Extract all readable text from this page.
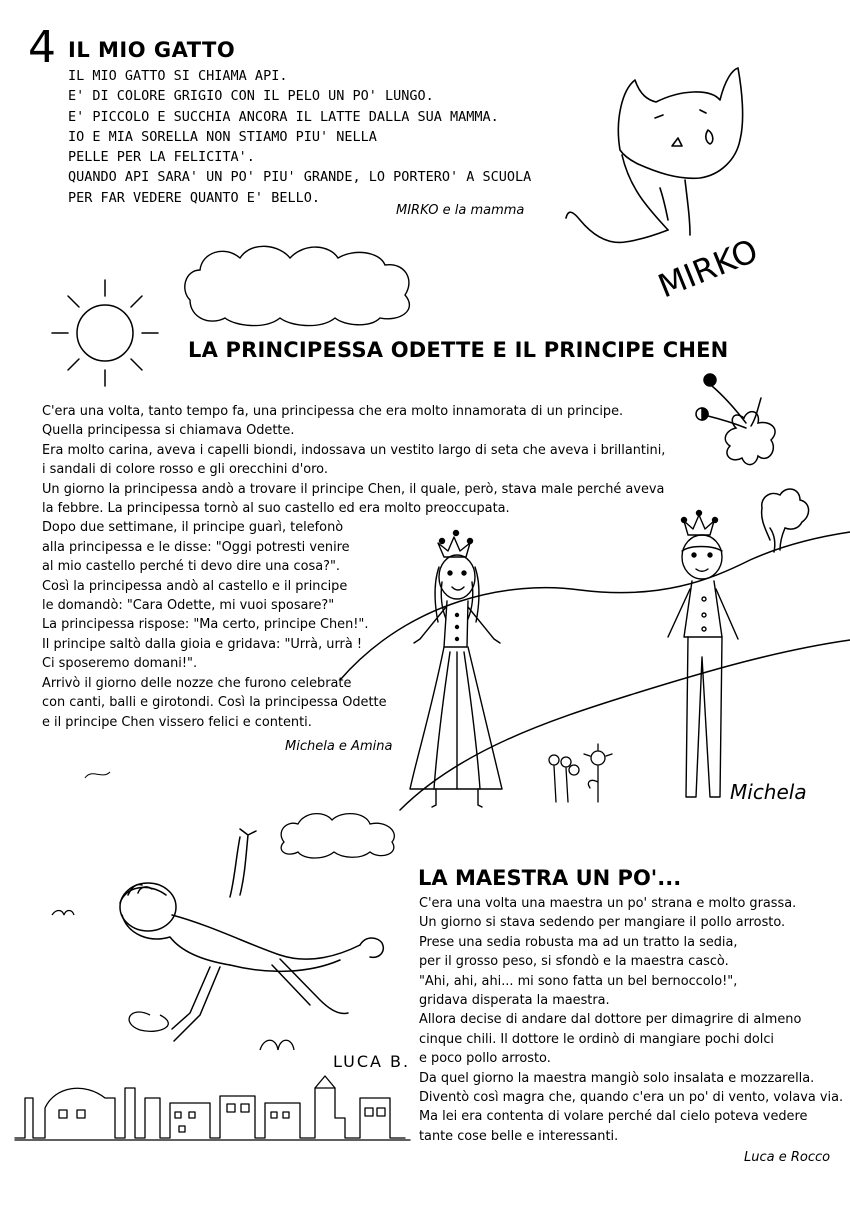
4 IL MIO GATTO
IL MIO GATTO SI CHIAMA API.
E' DI COLORE GRIGIO CON IL PELO UN PO' LUNGO.
E' PICCOLO E SUCCHIA ANCORA IL LATTE DALLA SUA MAMMA.
IO E MIA SORELLA NON STIAMO PIU' NELLA
PELLE PER LA FELICITA'.
QUANDO API SARA' UN PO' PIU' GRANDE, LO PORTERO' A SCUOLA
PER FAR VEDERE QUANTO E' BELLO.
MIRKO e la mamma
MIRKO
LA PRINCIPESSA ODETTE E IL PRINCIPE CHEN
C'era una volta, tanto tempo fa, una principessa che era molto innamorata di un principe.
Quella principessa si chiamava Odette.
Era molto carina, aveva i capelli biondi, indossava un vestito largo di seta che aveva i brillantini,
i sandali di colore rosso e gli orecchini d'oro.
Un giorno la principessa andò a trovare il principe Chen, il quale, però, stava male perché aveva
la febbre. La principessa tornò al suo castello ed era molto preoccupata.
Dopo due settimane, il principe guarì, telefonò
alla principessa e le disse: "Oggi potresti venire
al mio castello perché ti devo dire una cosa?".
Così la principessa andò al castello e il principe
le domandò: "Cara Odette, mi vuoi sposare?"
La principessa rispose: "Ma certo, principe Chen!".
Il principe saltò dalla gioia e gridava: "Urrà, urrà !
Ci sposeremo domani!".
Arrivò il giorno delle nozze che furono celebrate
con canti, balli e girotondi. Così la principessa Odette
e il principe Chen vissero felici e contenti.
Michela e Amina
Michela
LUCA B.
LA MAESTRA UN PO'...
C'era una volta una maestra un po' strana e molto grassa.
Un giorno si stava sedendo per mangiare il pollo arrosto.
Prese una sedia robusta ma ad un tratto la sedia,
per il grosso peso, si sfondò e la maestra cascò.
"Ahi, ahi, ahi... mi sono fatta un bel bernoccolo!",
gridava disperata la maestra.
Allora decise di andare dal dottore per dimagrire di almeno
cinque chili. Il dottore le ordinò di mangiare pochi dolci
e poco pollo arrosto.
Da quel giorno la maestra mangiò solo insalata e mozzarella.
Diventò così magra che, quando c'era un po' di vento, volava via.
Ma lei era contenta di volare perché dal cielo poteva vedere
tante cose belle e interessanti.
Luca e Rocco
